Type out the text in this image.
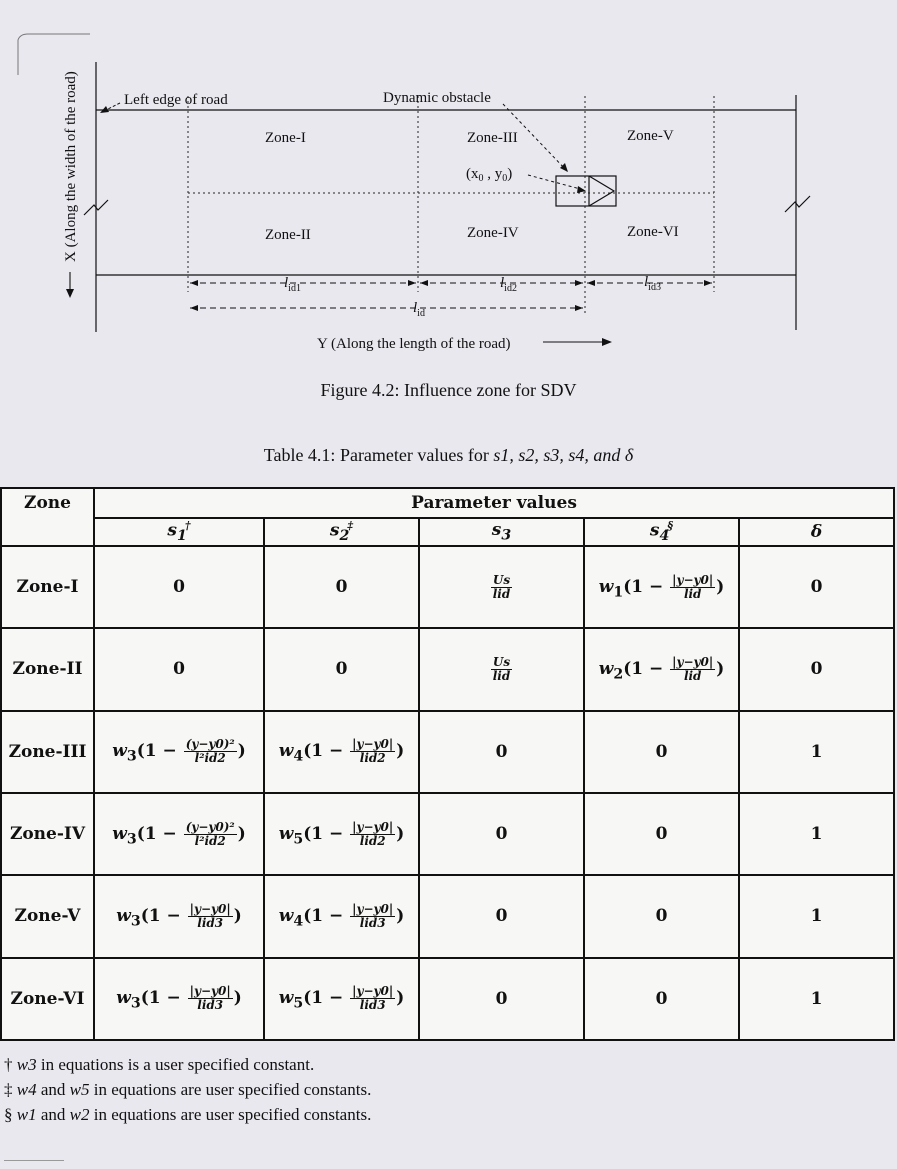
Left edge of road	Dynamic obstacle
Zone-I
Zone-II
Zone-III
Zone-IV
Zone-V
Zone-VI
($x_0$ , $y_0$)
$l_{id1}$	$l_{id2}$	$l_{id3}$
$l_{id}$
Y (Along the length of the road)
X (Along the width of the road)
Figure 4.2: Influence zone for SDV
Table 4.1: Parameter values for s1, s2, s3, s4, and δ
Zone	Parameter values				
	$s_1^\dagger$	$s_2^\ddagger$	$s_3$	$s_4^\S$	δ
Zone-I	0	0	$\frac{Us}{\text{lid}}$	$w_1(1 - \frac{|y-y0|}{\text{lid}}$ )	0
Zone-II	0	0	$\frac{Us}{\text{lid}}$	$w_2(1 - \frac{|y-y0|}{\text{lid}}$ )	0
Zone-III	$w_3(1 - \frac{\text{(y−y0)²}}{\text{l²id2}}$ )	$w_4(1 - \frac{|y-y0|}{\text{lid2}}$ )	0	0	1
Zone-IV	$w_3(1 - \frac{\text{(y−y0)²}}{\text{l²id2}}$ )	$w_5(1 - \frac{|y-y0|}{\text{lid2}}$ )	0	0	1
Zone-V	$w_3(1 - \frac{|y-y0|}{\text{lid3}}$ )	$w_4(1 - \frac{|y-y0|}{\text{lid3}}$ )	0	0	1
Zone-VI	$w_3(1 - \frac{|y-y0|}{\text{lid3}}$ )	$w_5(1 - \frac{|y-y0|}{\text{lid3}}$ )	0	0	1
† w3 in equations is a user specified constant.
‡ w4 and w5 in equations are user specified constants.
§ w1 and w2 in equations are user specified constants.
